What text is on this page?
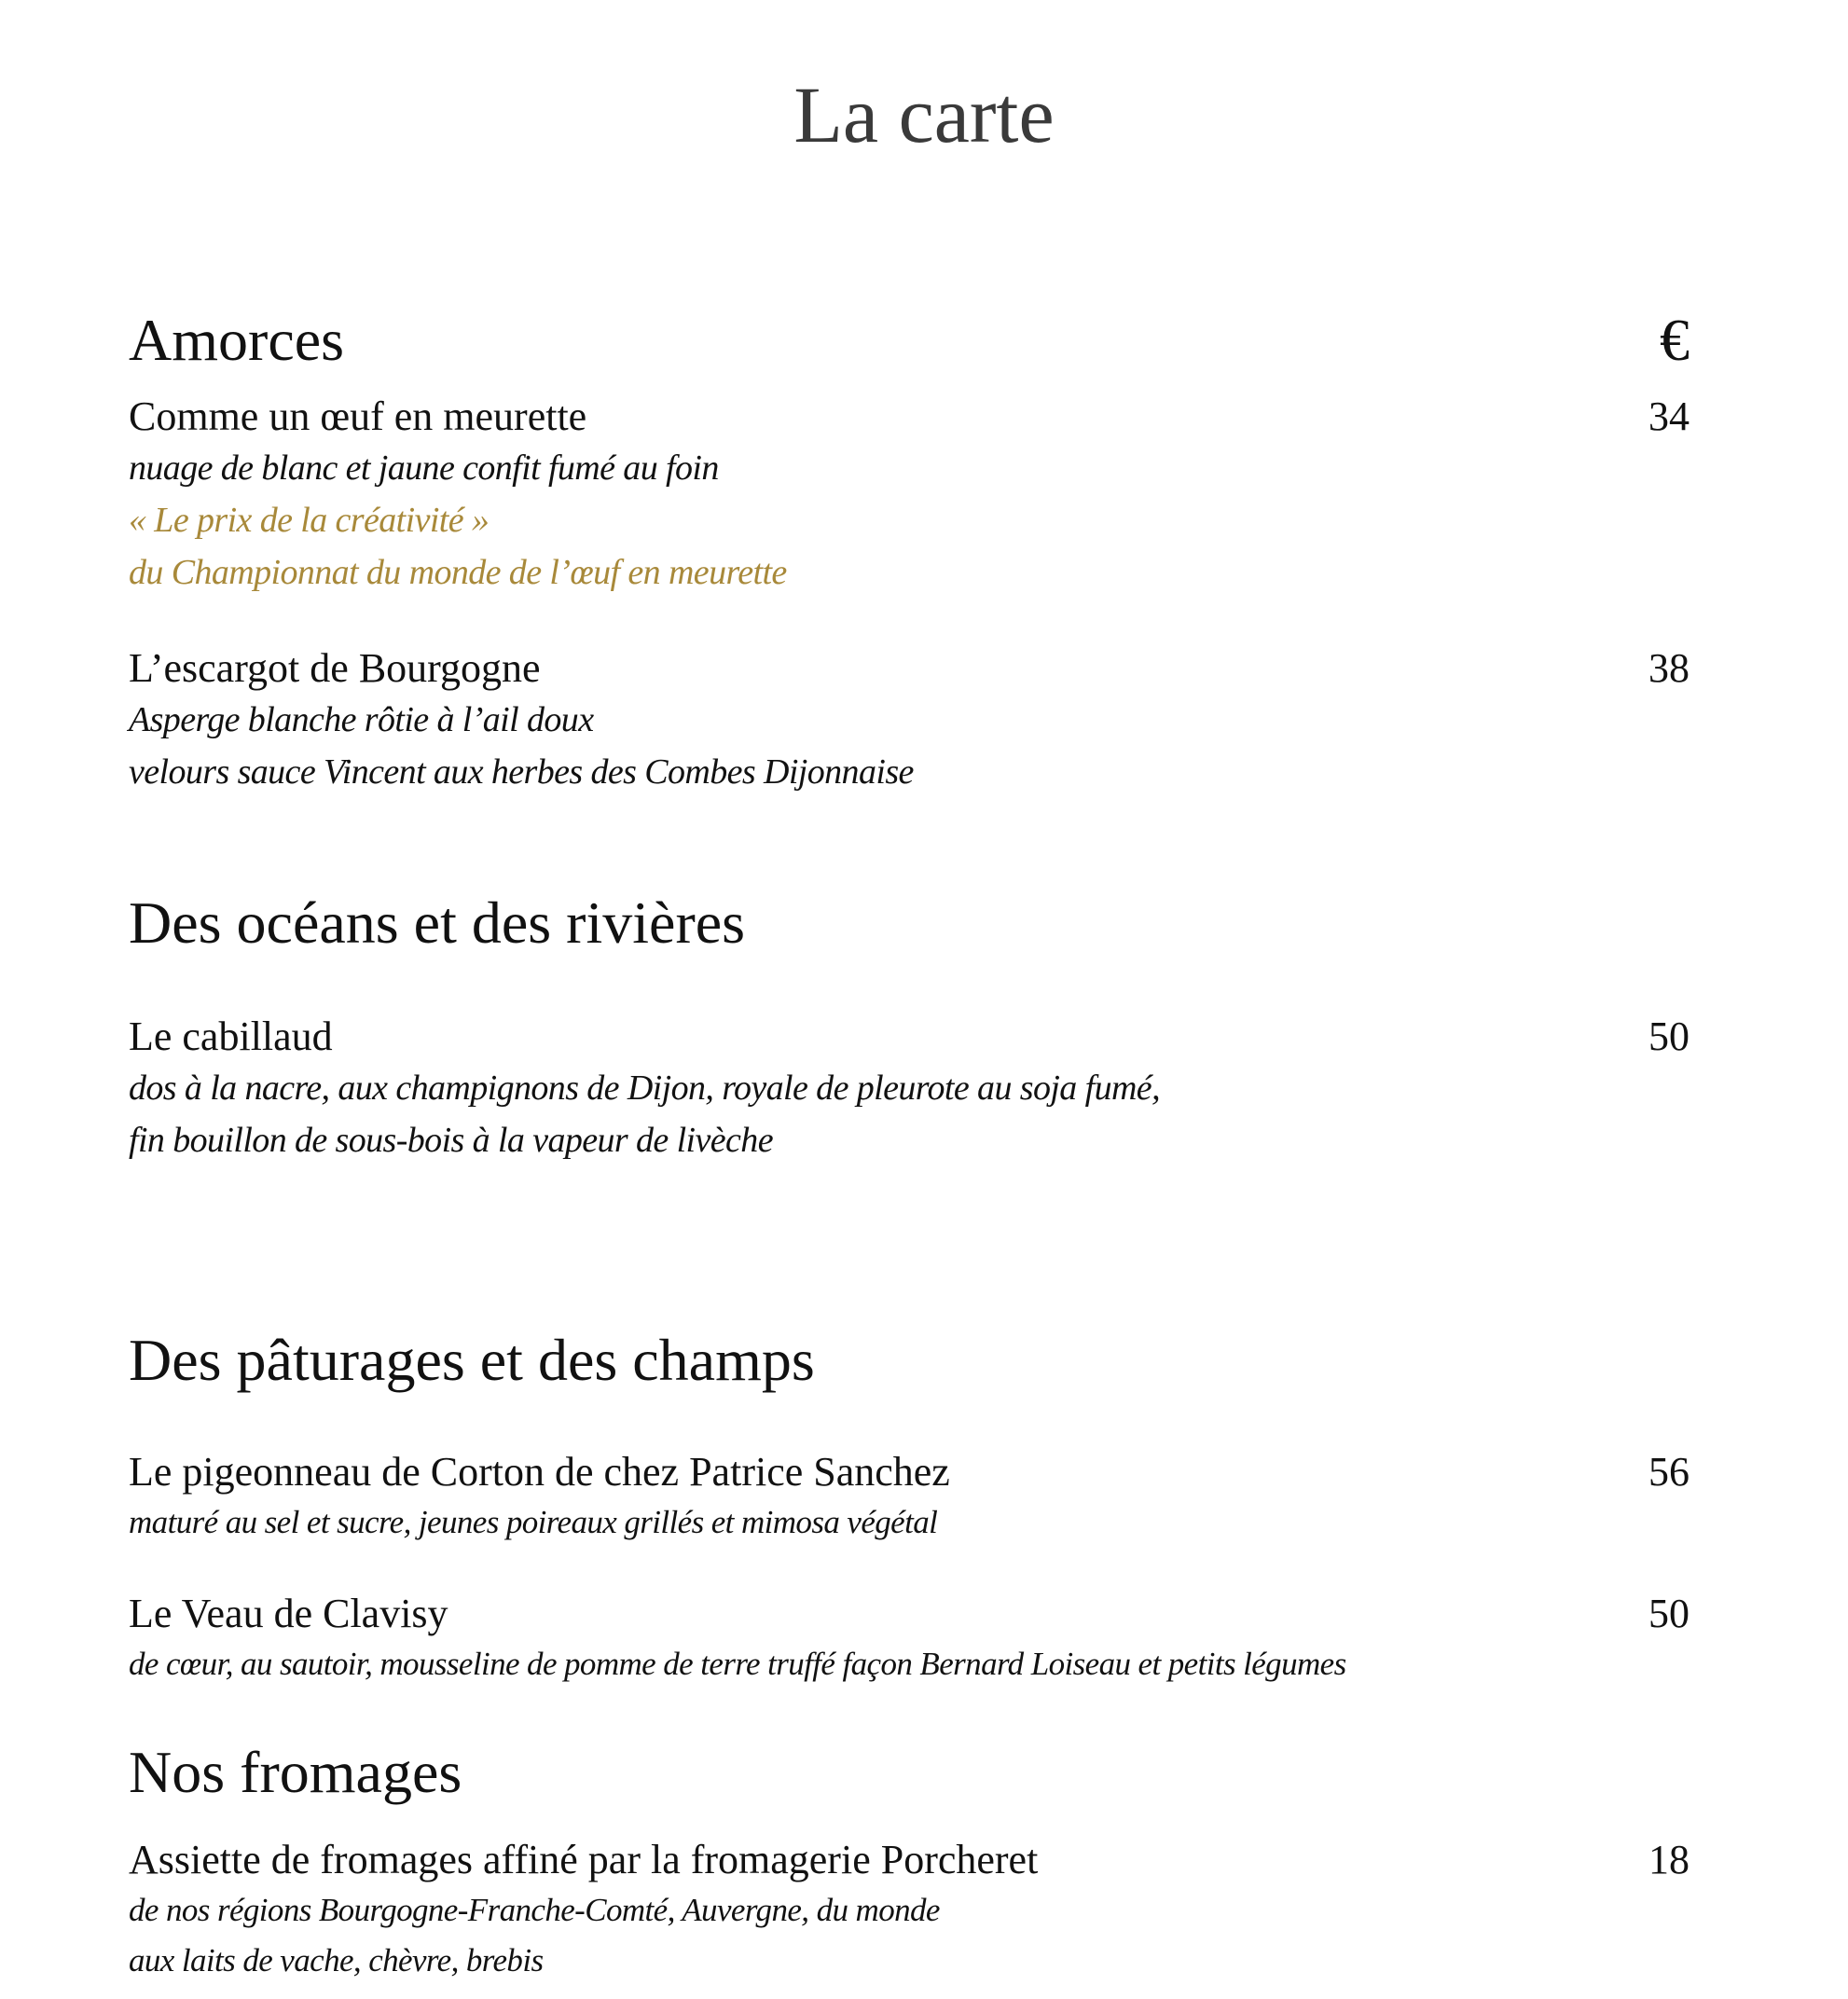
La carte
Amorces	€
Comme un œuf en meurette	34
nuage de blanc et jaune confit fumé au foin
« Le prix de la créativité »
du Championnat du monde de l’œuf en meurette
L’escargot de Bourgogne	38
Asperge blanche rôtie à l’ail doux
velours sauce Vincent aux herbes des Combes Dijonnaise
Des océans et des rivières
Le cabillaud	50
dos à la nacre, aux champignons de Dijon, royale de pleurote au soja fumé,
fin bouillon de sous-bois à la vapeur de livèche
Des pâturages et des champs
Le pigeonneau de Corton de chez Patrice Sanchez	56
maturé au sel et sucre, jeunes poireaux grillés et mimosa végétal
Le Veau de Clavisy	50
de cœur, au sautoir, mousseline de pomme de terre truffé façon Bernard Loiseau et petits légumes
Nos fromages
Assiette de fromages affiné par la fromagerie Porcheret	18
de nos régions Bourgogne-Franche-Comté, Auvergne, du monde
aux laits de vache, chèvre, brebis
